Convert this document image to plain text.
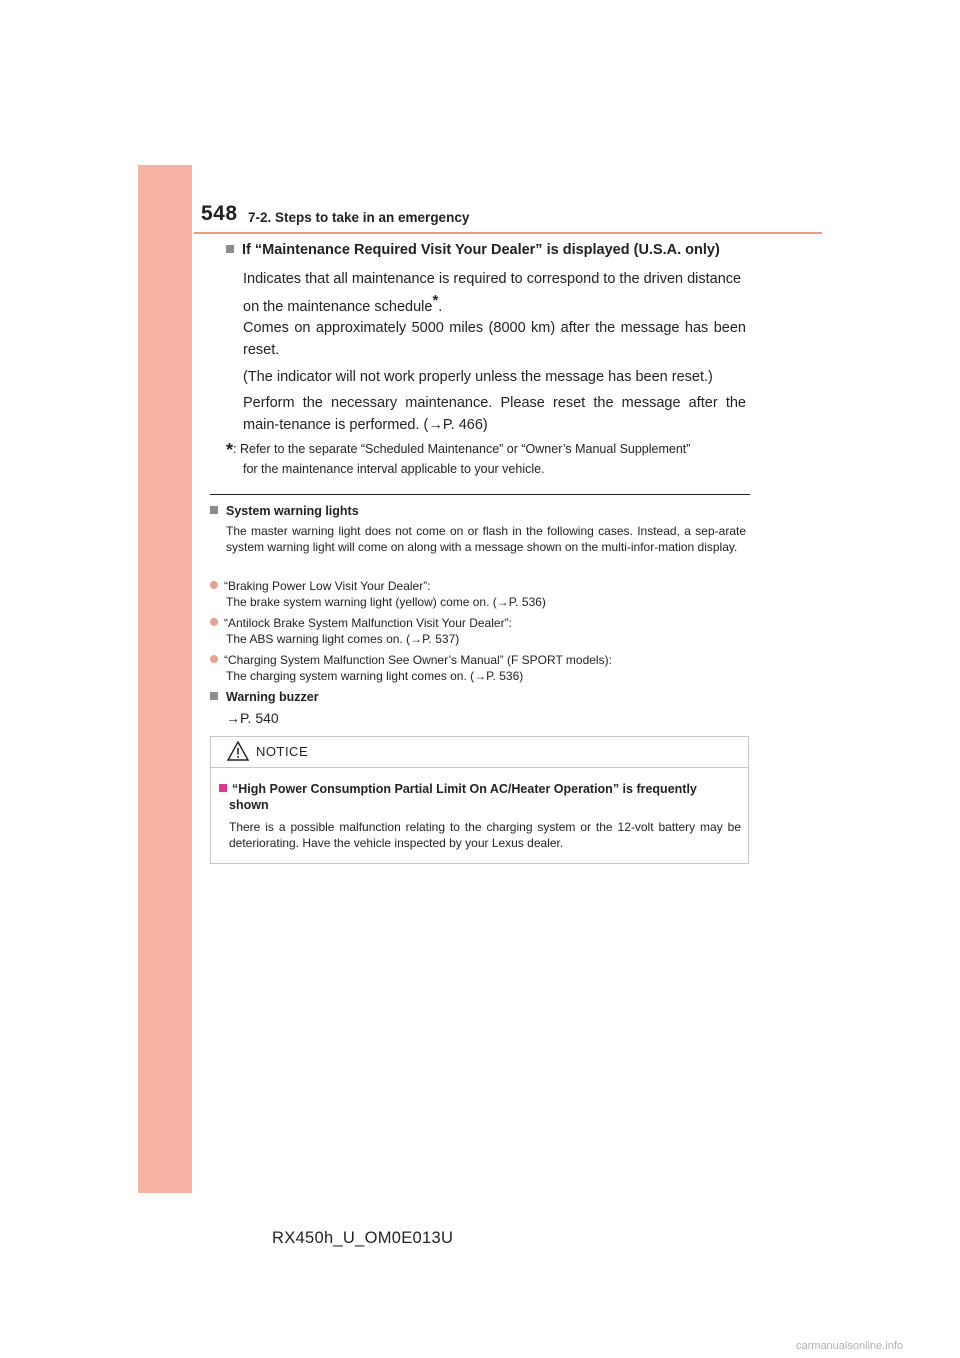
548 7-2. Steps to take in an emergency
If “Maintenance Required Visit Your Dealer” is displayed (U.S.A. only)
Indicates that all maintenance is required to correspond to the driven distance
on the maintenance schedule*.
Comes on approximately 5000 miles (8000 km) after the message has been reset.
(The indicator will not work properly unless the message has been reset.)
Perform the necessary maintenance. Please reset the message after the main-tenance is performed. (→P. 466)
*: Refer to the separate “Scheduled Maintenance” or “Owner’s Manual Supplement”
for the maintenance interval applicable to your vehicle.
System warning lights
The master warning light does not come on or flash in the following cases. Instead, a sep-arate system warning light will come on along with a message shown on the multi-infor-mation display.
“Braking Power Low Visit Your Dealer”:
The brake system warning light (yellow) come on. (→P. 536)
“Antilock Brake System Malfunction Visit Your Dealer”:
The ABS warning light comes on. (→P. 537)
“Charging System Malfunction See Owner’s Manual” (F SPORT models):
The charging system warning light comes on. (→P. 536)
Warning buzzer
→P. 540
NOTICE
“High Power Consumption Partial Limit On AC/Heater Operation” is frequently
shown
There is a possible malfunction relating to the charging system or the 12-volt battery may be deteriorating. Have the vehicle inspected by your Lexus dealer.
RX450h_U_OM0E013U
carmanualsonline.info
